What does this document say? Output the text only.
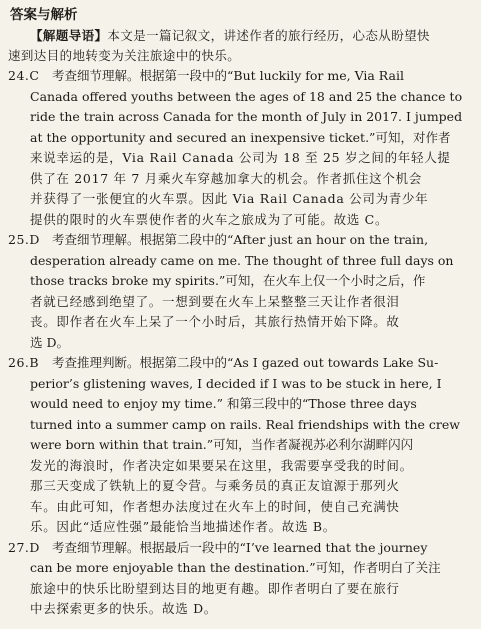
答案与解析

【解题导语】本文是一篇记叙文，讲述作者的旅行经历，心态从盼望快

速到达目的地转变为关注旅途中的快乐。

24.C	考查细节理解。根据第一段中的“But luckily for me, Via Rail

Canada offered youths between the ages of 18 and 25 the chance to

ride the train across Canada for the month of July in 2017. I jumped

at the opportunity and secured an inexpensive ticket.”可知，对作者

来说幸运的是，Via Rail Canada 公司为 18 至 25 岁之间的年轻人提

供了在 2017 年 7 月乘火车穿越加拿大的机会。作者抓住这个机会

并获得了一张便宜的火车票。因此 Via Rail Canada 公司为青少年

提供的限时的火车票使作者的火车之旅成为了可能。故选 C。

25.D 考查细节理解。根据第二段中的“After just an hour on the train,

desperation already came on me. The thought of three full days on

those tracks broke my spirits.”可知，在火车上仅一个小时之后，作

者就已经感到绝望了。一想到要在火车上呆整整三天让作者很泪

丧。即作者在火车上呆了一个小时后，其旅行热情开始下降。故

选 D。

26.B	考查推理判断。根据第二段中的“As I gazed out towards Lake Su-

perior’s glistening waves, I decided if I was to be stuck in here, I

would need to enjoy my time.” 和第三段中的“Those three days

turned into a summer camp on rails. Real friendships with the crew

were born within that train.”可知，当作者凝视苏必利尔湖畔闪闪

发光的海浪时，作者决定如果要呆在这里，我需要享受我的时间。

那三天变成了铁轨上的夏令营。与乘务员的真正友谊源于那列火

车。由此可知，作者想办法度过在火车上的时间，使自己充满快

乐。因此“适应性强”最能恰当地描述作者。故选 B。

27.D 考查细节理解。根据最后一段中的“I’ve learned that the journey

can be more enjoyable than the destination.”可知，作者明白了关注

旅途中的快乐比盼望到达目的地更有趣。即作者明白了要在旅行

中去探索更多的快乐。故选 D。
